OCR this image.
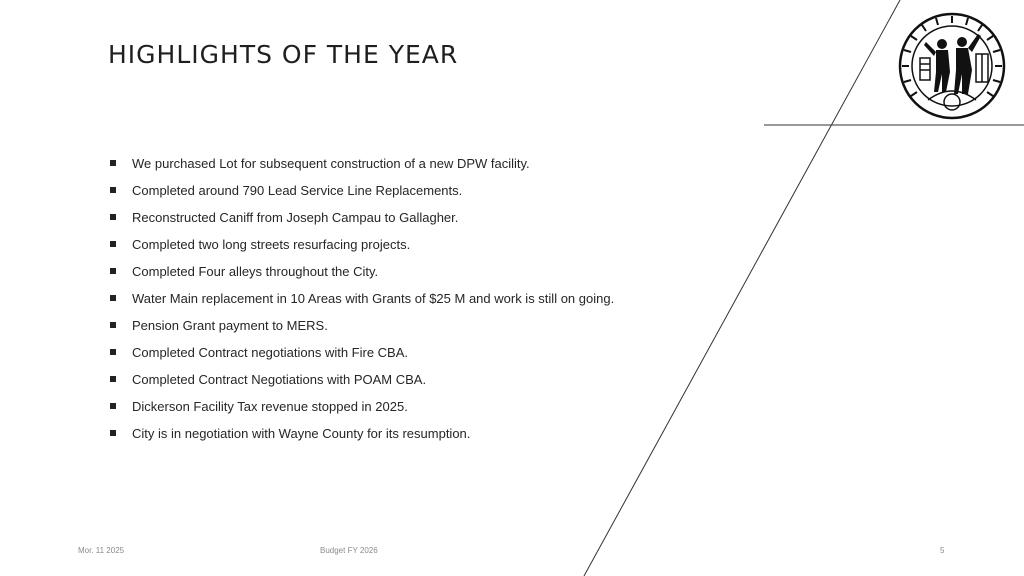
HIGHLIGHTS OF THE YEAR
We purchased Lot for subsequent construction of a new DPW facility.
Completed around 790 Lead Service Line Replacements.
Reconstructed Caniff from Joseph Campau to Gallagher.
Completed two long streets resurfacing projects.
Completed Four alleys throughout the City.
Water Main replacement in 10 Areas with Grants of $25 M and work is still on going.
Pension Grant payment to MERS.
Completed Contract negotiations with Fire CBA.
Completed Contract Negotiations with POAM CBA.
Dickerson Facility Tax revenue stopped in 2025.
City is in negotiation with Wayne County for its resumption.
Mor. 11 2025	Budget FY 2026	5
